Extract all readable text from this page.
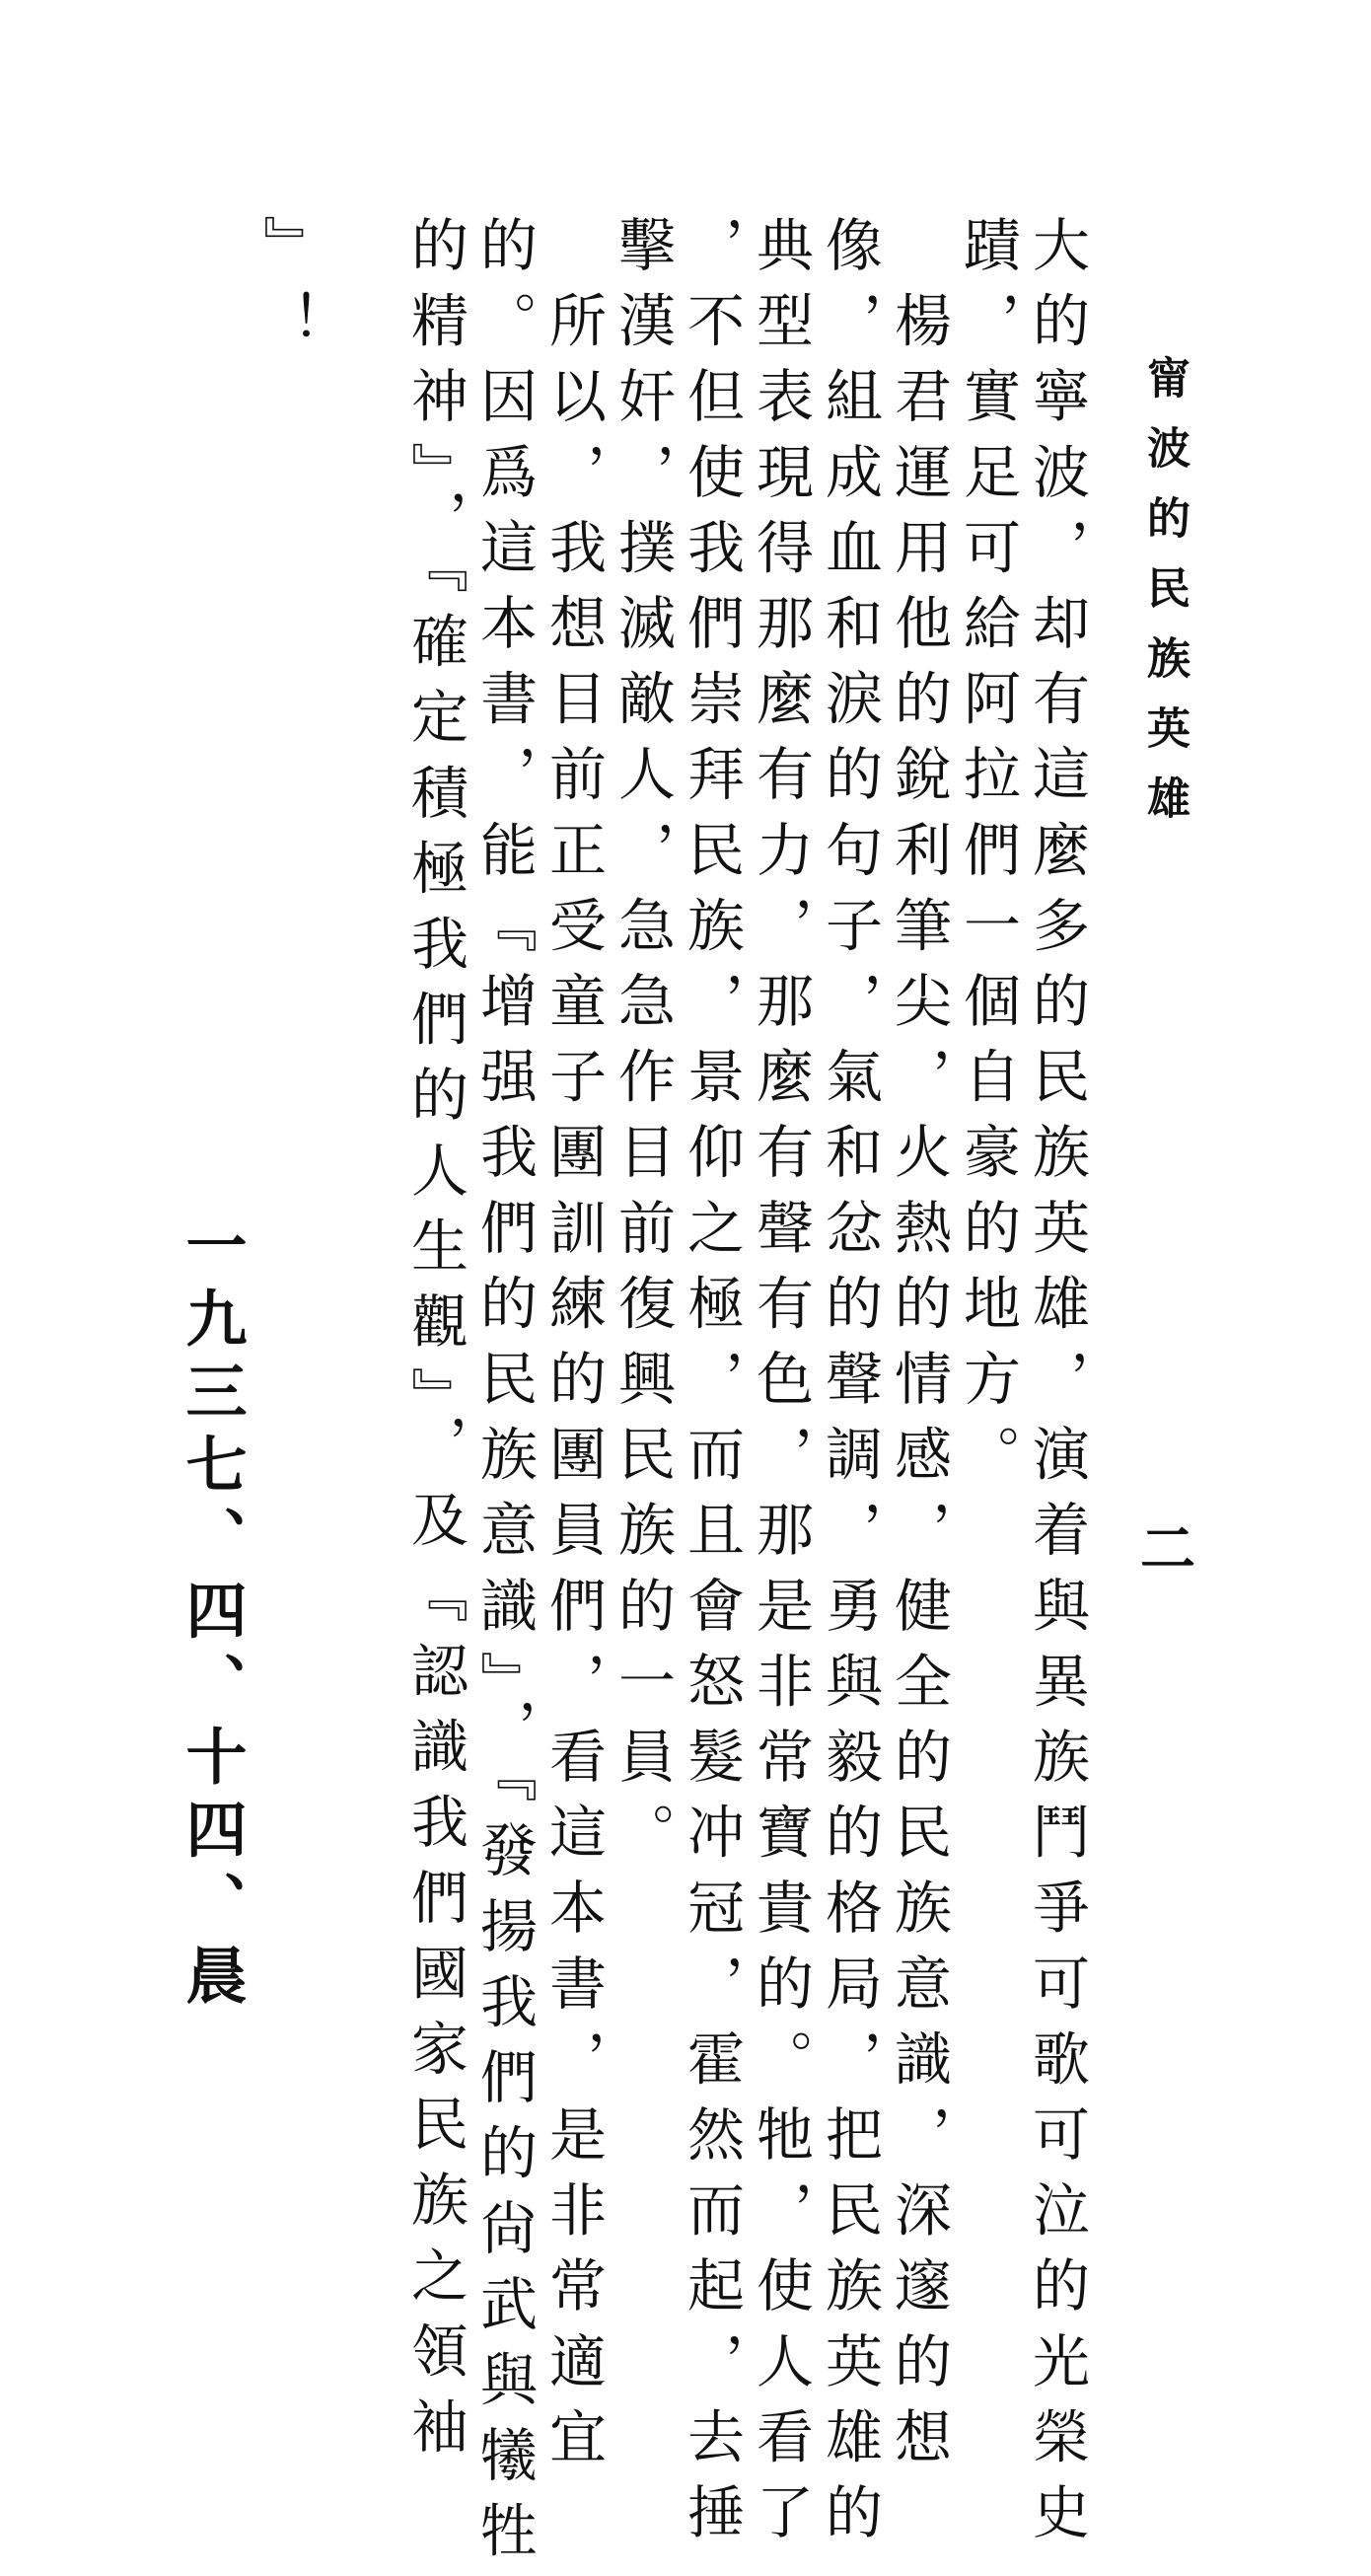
甯波的民族英雄

二

大的寧波，却有這麼多的民族英雄，演着與異族鬥爭可歌可泣的光榮史

蹟，實足可給阿拉們一個自豪的地方。

　楊君運用他的銳利筆尖，火熱的情感，健全的民族意識，深邃的想

像，組成血和淚的句子，氣和忿的聲調，勇與毅的格局，把民族英雄的

典型表現得那麼有力，那麼有聲有色，那是非常寶貴的。牠，使人看了

，不但使我們崇拜民族，景仰之極，而且會怒髮冲冠，霍然而起，去捶

擊漢奸，撲滅敵人，急急作目前復興民族的一員。

　所以，我想目前正受童子團訓練的團員們，看這本書，是非常適宜

的。因爲這本書，能『增强我們的民族意識』，『發揚我們的尙武與犧牲

的精神』，『確定積極我們的人生觀』，及『認識我們國家民族之領袖

』！

一九三七、四、十四、晨
